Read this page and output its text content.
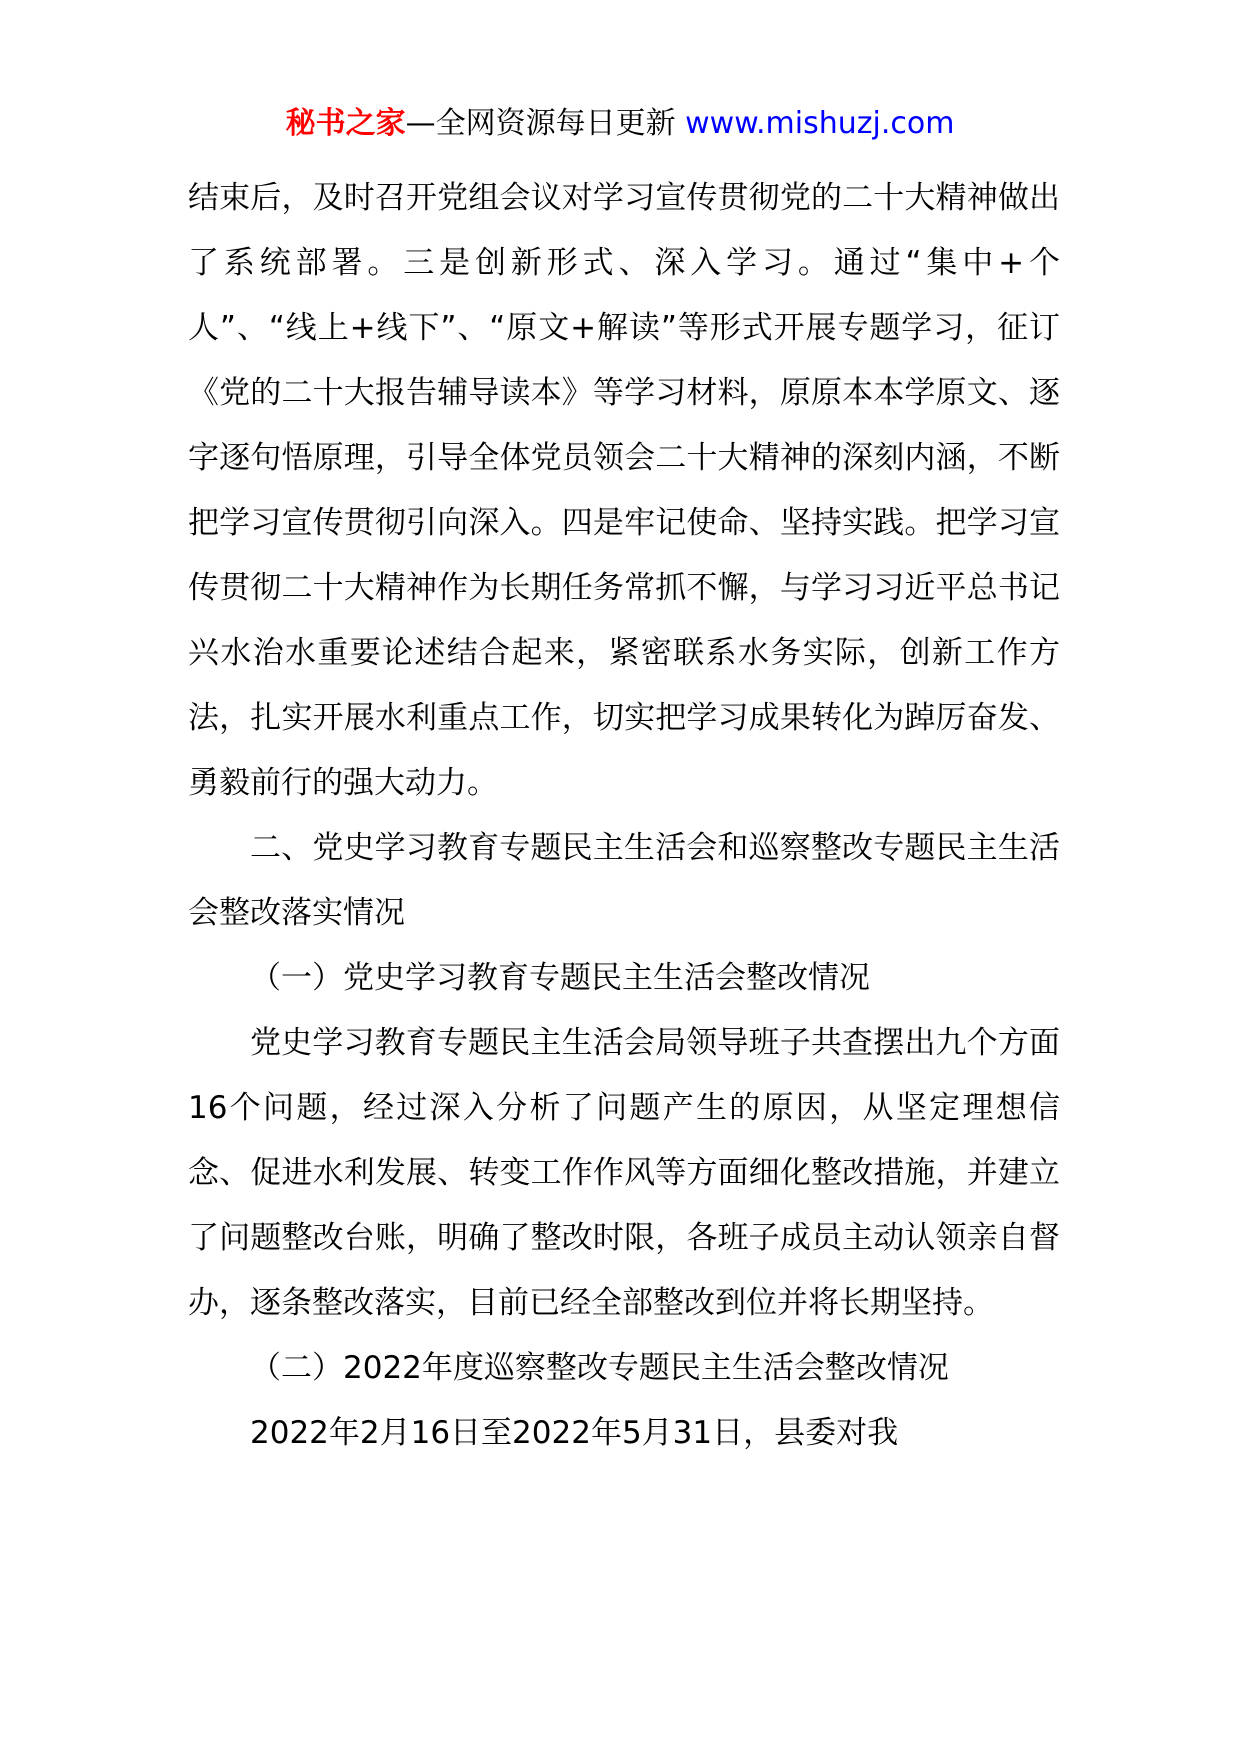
秘书之家—全网资源每日更新 www.mishuzj.com

结束后，及时召开党组会议对学习宣传贯彻党的二十大精神做出了系统部署。三是创新形式、深入学习。通过“集中+个人”、“线上+线下”、“原文+解读”等形式开展专题学习，征订《党的二十大报告辅导读本》等学习材料，原原本本学原文、逐字逐句悟原理，引导全体党员领会二十大精神的深刻内涵，不断把学习宣传贯彻引向深入。四是牢记使命、坚持实践。把学习宣传贯彻二十大精神作为长期任务常抓不懈，与学习习近平总书记兴水治水重要论述结合起来，紧密联系水务实际，创新工作方法，扎实开展水利重点工作，切实把学习成果转化为踔厉奋发、勇毅前行的强大动力。

二、党史学习教育专题民主生活会和巡察整改专题民主生活会整改落实情况

（一）党史学习教育专题民主生活会整改情况

党史学习教育专题民主生活会局领导班子共查摆出九个方面16个问题，经过深入分析了问题产生的原因，从坚定理想信念、促进水利发展、转变工作作风等方面细化整改措施，并建立了问题整改台账，明确了整改时限，各班子成员主动认领亲自督办，逐条整改落实，目前已经全部整改到位并将长期坚持。

（二）2022年度巡察整改专题民主生活会整改情况

2022年2月16日至2022年5月31日，县委对我
